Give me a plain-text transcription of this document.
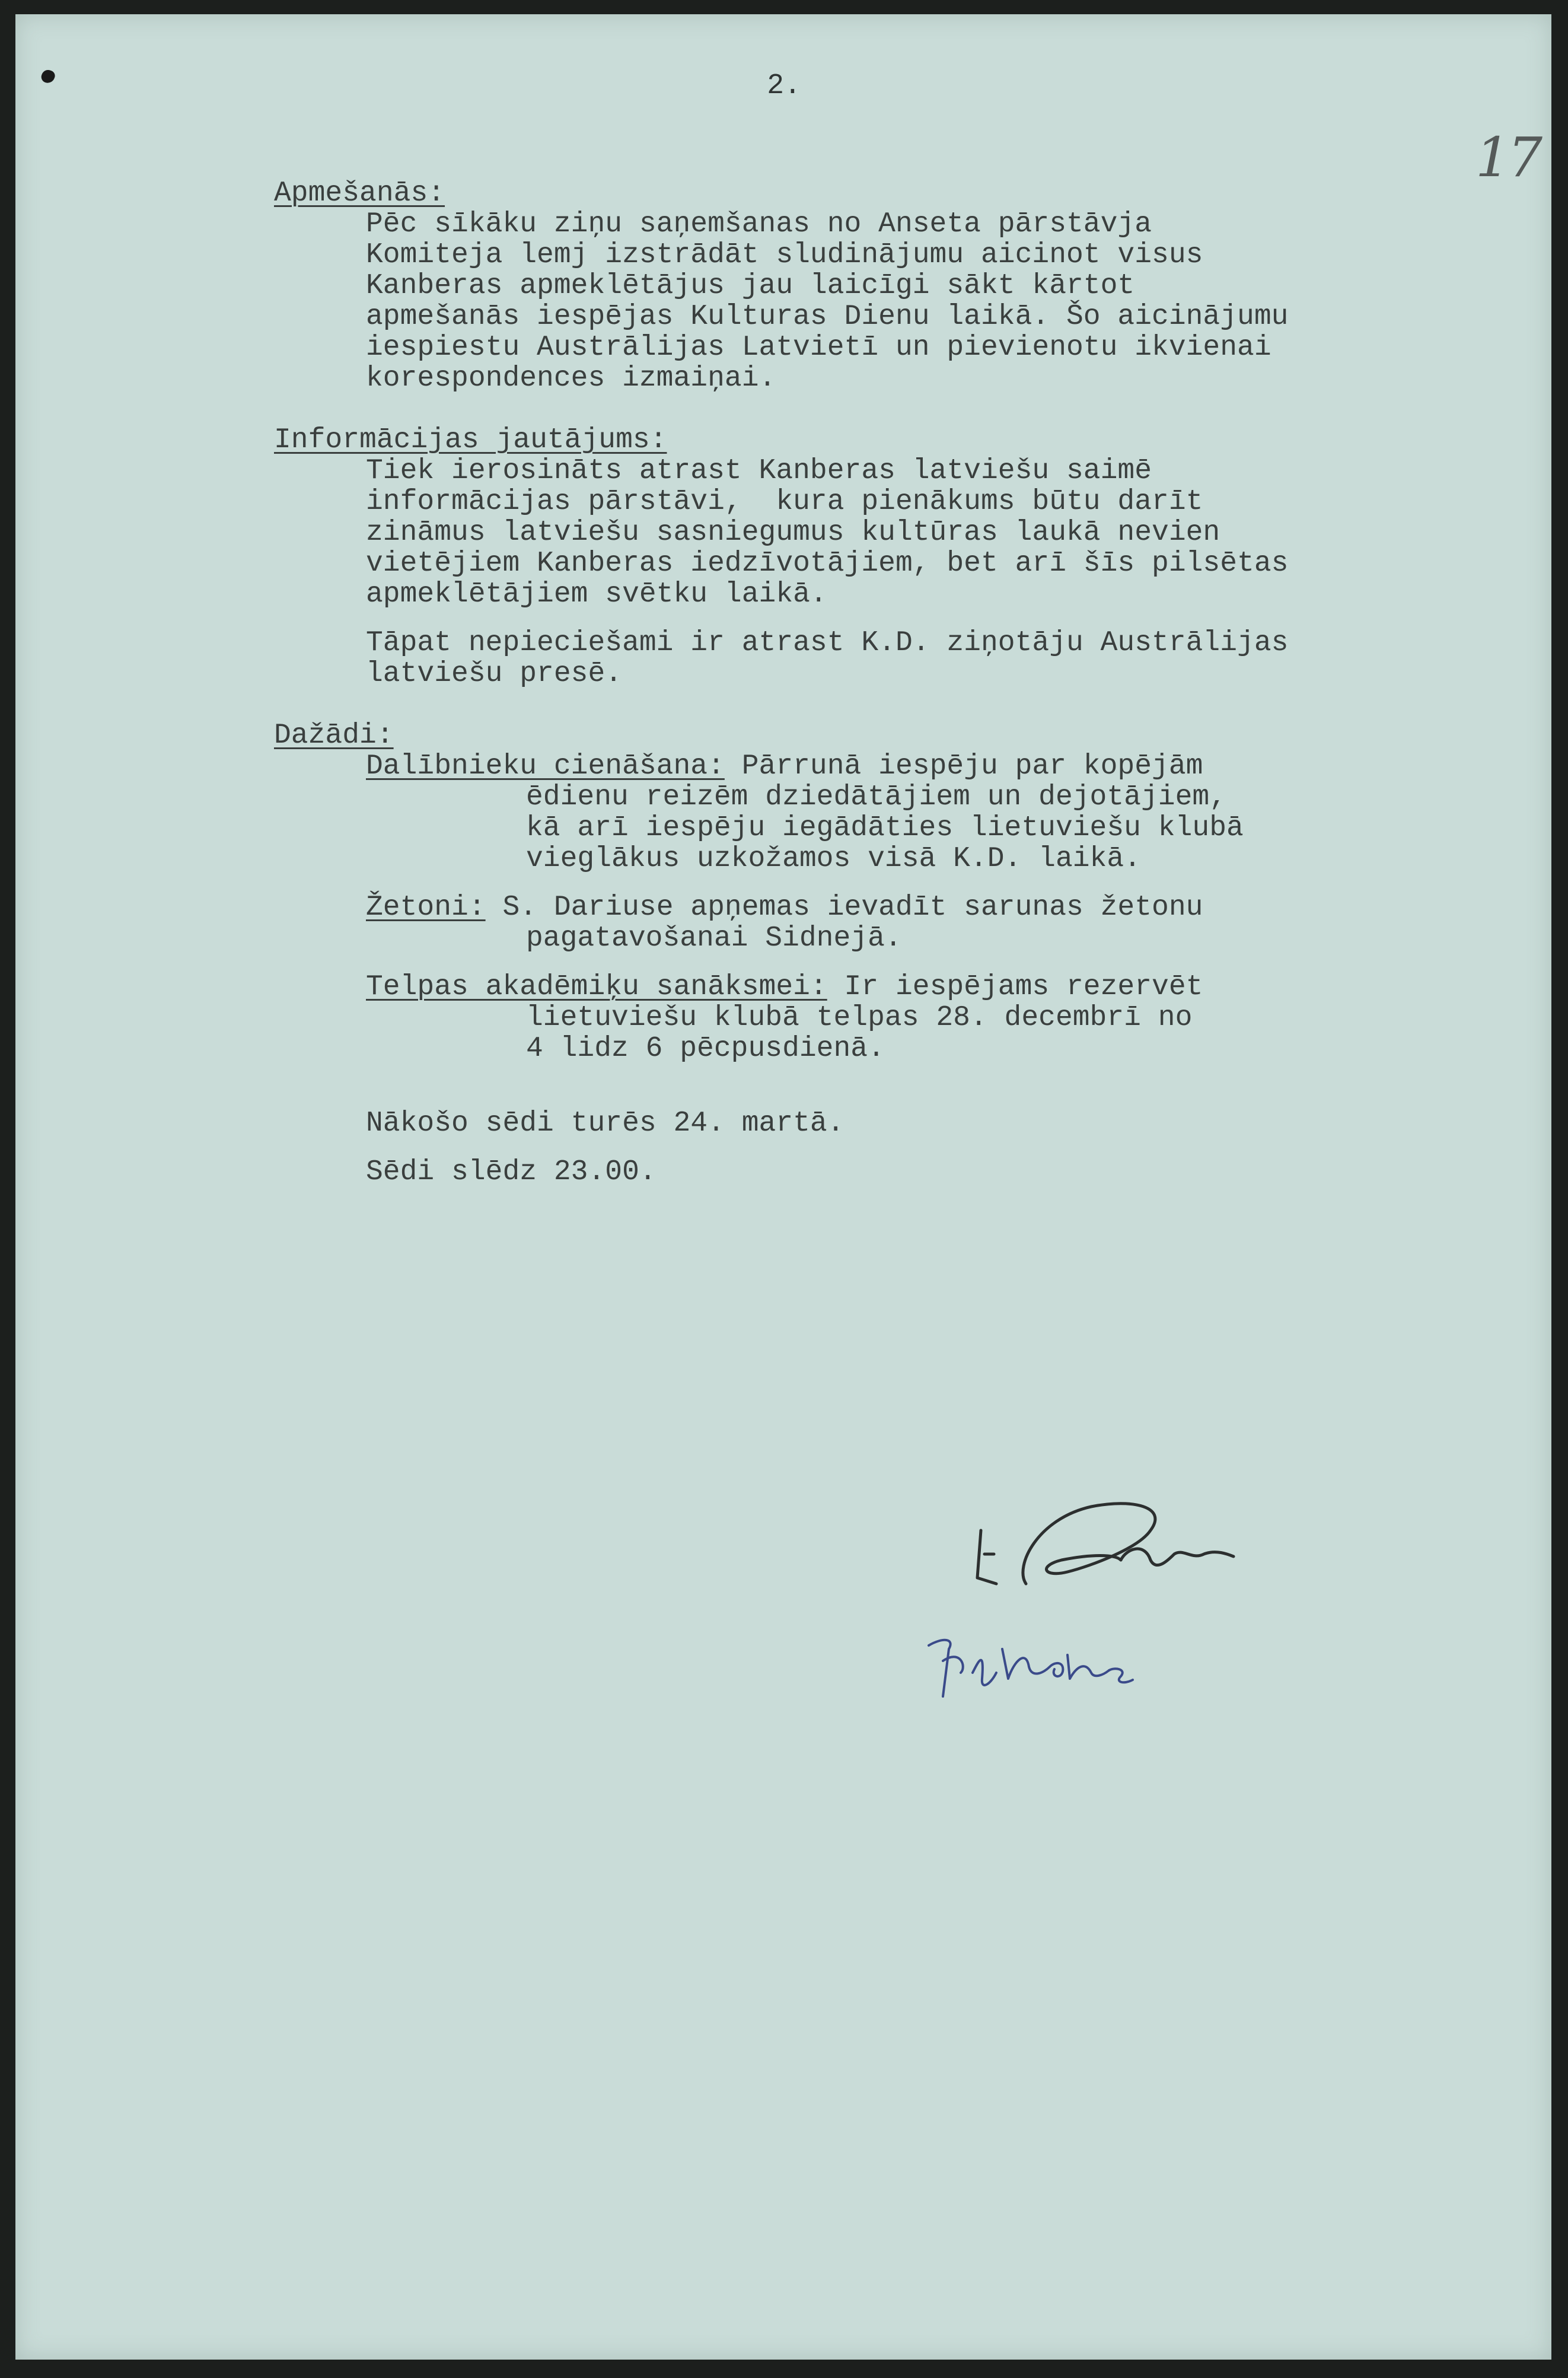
2.
17
Apmešanās:

Pēc sīkāku ziņu saņemšanas no Anseta pārstāvja

Komiteja lemj izstrādāt sludinājumu aicinot visus

Kanberas apmeklētājus jau laicīgi sākt kārtot

apmešanās iespējas Kulturas Dienu laikā. Šo aicinājumu

iespiestu Austrālijas Latvietī un pievienotu ikvienai

korespondences izmaiņai.

Informācijas jautājums:

Tiek ierosināts atrast Kanberas latviešu saimē

informācijas pārstāvi,  kura pienākums būtu darīt

zināmus latviešu sasniegumus kultūras laukā nevien

vietējiem Kanberas iedzīvotājiem, bet arī šīs pilsētas

apmeklētājiem svētku laikā.

Tāpat nepieciešami ir atrast K.D. ziņotāju Austrālijas

latviešu presē.

Dažādi:

Dalībnieku cienāšana: Pārrunā iespēju par kopējām

ēdienu reizēm dziedātājiem un dejotājiem,

kā arī iespēju iegādāties lietuviešu klubā

vieglākus uzkožamos visā K.D. laikā.

Žetoni: S. Dariuse apņemas ievadīt sarunas žetonu

pagatavošanai Sidnejā.

Telpas akadēmiķu sanāksmei: Ir iespējams rezervēt

lietuviešu klubā telpas 28. decembrī no

4 lidz 6 pēcpusdienā.

Nākošo sēdi turēs 24. martā.

Sēdi slēdz 23.00.
